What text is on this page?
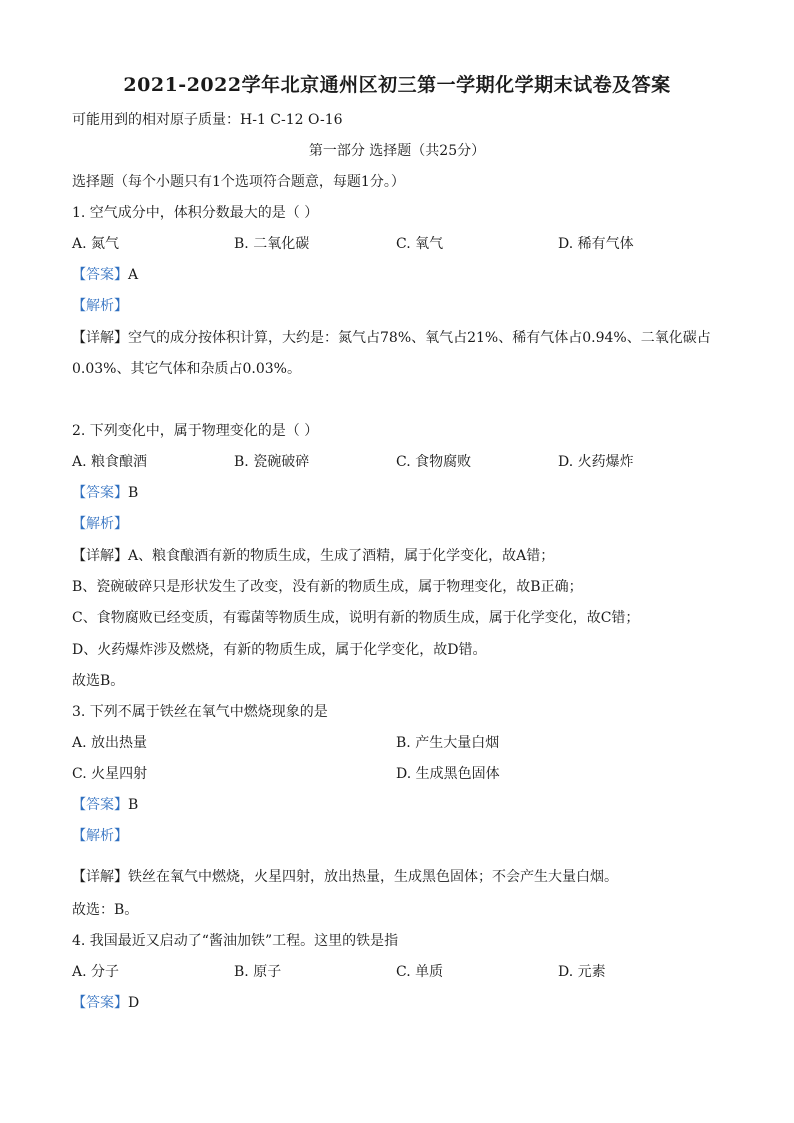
2021-2022学年北京通州区初三第一学期化学期末试卷及答案
可能用到的相对原子质量：H-1 C-12 O-16
第一部分 选择题（共25分）
选择题（每个小题只有1个选项符合题意，每题1分。）
1. 空气成分中，体积分数最大的是（ ）
A. 氮气	B. 二氧化碳	C. 氧气	D. 稀有气体
【答案】A
【解析】
【详解】空气的成分按体积计算，大约是：氮气占78%、氧气占21%、稀有气体占0.94%、二氧化碳占
0.03%、其它气体和杂质占0.03%。
2. 下列变化中，属于物理变化的是（ ）
A. 粮食酿酒	B. 瓷碗破碎	C. 食物腐败	D. 火药爆炸
【答案】B
【解析】
【详解】A、粮食酿酒有新的物质生成，生成了酒精，属于化学变化，故A错；
B、瓷碗破碎只是形状发生了改变，没有新的物质生成，属于物理变化，故B正确；
C、食物腐败已经变质，有霉菌等物质生成，说明有新的物质生成，属于化学变化，故C错；
D、火药爆炸涉及燃烧，有新的物质生成，属于化学变化，故D错。
故选B。
3. 下列不属于铁丝在氧气中燃烧现象的是
A. 放出热量	B. 产生大量白烟
C. 火星四射	D. 生成黑色固体
【答案】B
【解析】
【详解】铁丝在氧气中燃烧，火星四射，放出热量，生成黑色固体；不会产生大量白烟。
故选：B。
4. 我国最近又启动了“酱油加铁”工程。这里的铁是指
A. 分子	B. 原子	C. 单质	D. 元素
【答案】D
